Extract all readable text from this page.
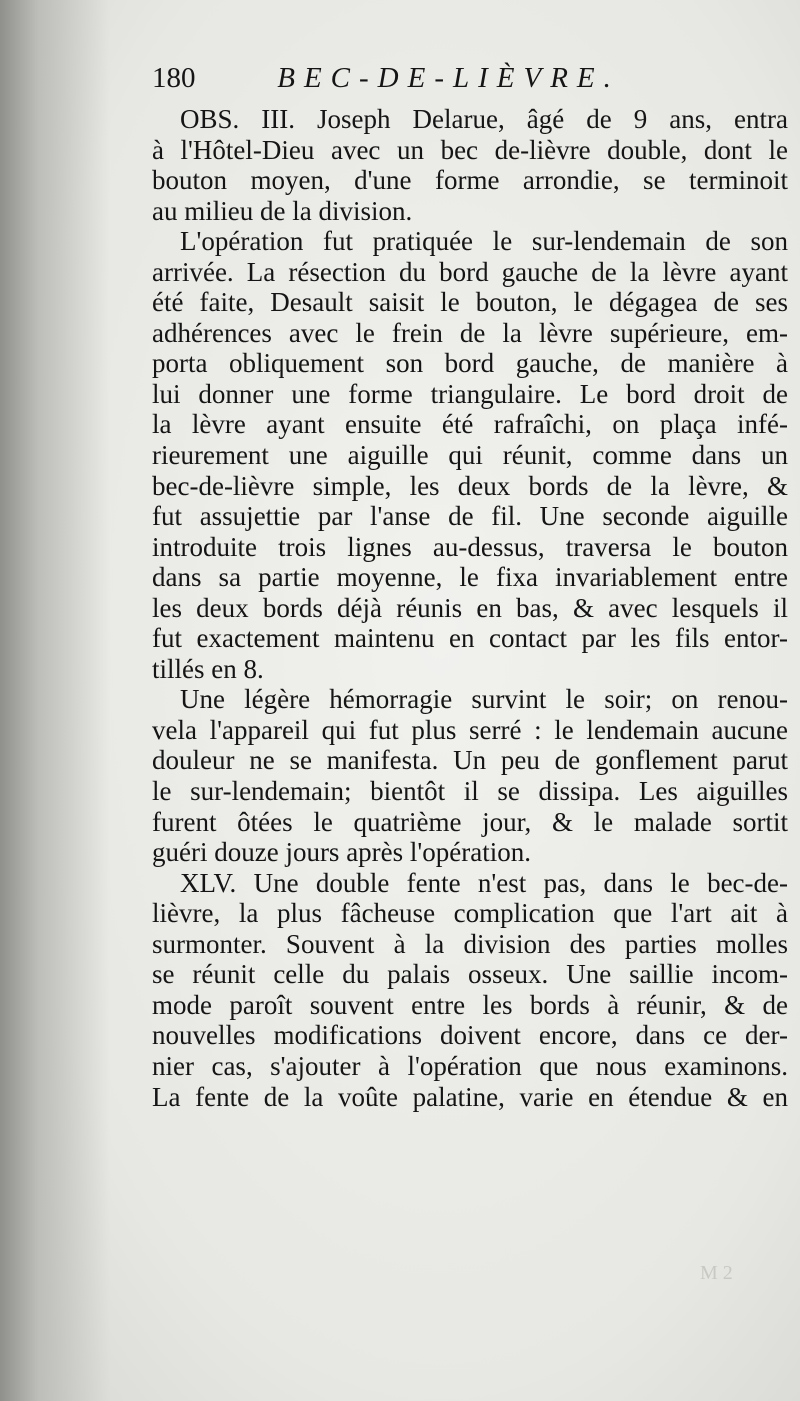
180	BEC-DE-LIÈVRE.
OBS. III. Joseph Delarue, âgé de 9 ans, entra
à l'Hôtel-Dieu avec un bec de-lièvre double, dont le
bouton moyen, d'une forme arrondie, se terminoit
au milieu de la division.
L'opération fut pratiquée le sur-lendemain de son
arrivée. La résection du bord gauche de la lèvre ayant
été faite, Desault saisit le bouton, le dégagea de ses
adhérences avec le frein de la lèvre supérieure, em-
porta obliquement son bord gauche, de manière à
lui donner une forme triangulaire. Le bord droit de
la lèvre ayant ensuite été rafraîchi, on plaça infé-
rieurement une aiguille qui réunit, comme dans un
bec-de-lièvre simple, les deux bords de la lèvre, &
fut assujettie par l'anse de fil. Une seconde aiguille
introduite trois lignes au-dessus, traversa le bouton
dans sa partie moyenne, le fixa invariablement entre
les deux bords déjà réunis en bas, & avec lesquels il
fut exactement maintenu en contact par les fils entor-
tillés en 8.
Une légère hémorragie survint le soir; on renou-
vela l'appareil qui fut plus serré : le lendemain aucune
douleur ne se manifesta. Un peu de gonflement parut
le sur-lendemain; bientôt il se dissipa. Les aiguilles
furent ôtées le quatrième jour, & le malade sortit
guéri douze jours après l'opération.
XLV. Une double fente n'est pas, dans le bec-de-
lièvre, la plus fâcheuse complication que l'art ait à
surmonter. Souvent à la division des parties molles
se réunit celle du palais osseux. Une saillie incom-
mode paroît souvent entre les bords à réunir, & de
nouvelles modifications doivent encore, dans ce der-
nier cas, s'ajouter à l'opération que nous examinons.
La fente de la voûte palatine, varie en étendue & en
M 2
